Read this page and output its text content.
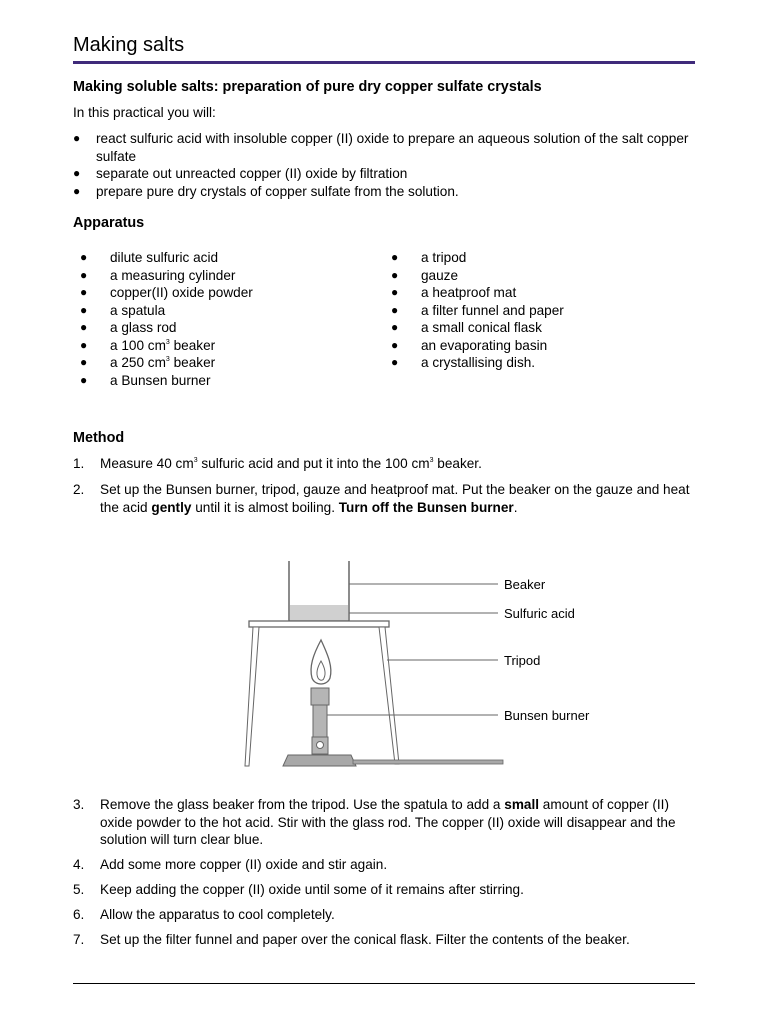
Making salts
Making soluble salts: preparation of pure dry copper sulfate crystals
In this practical you will:
● react sulfuric acid with insoluble copper (II) oxide to prepare an aqueous solution of the salt copper sulfate
● separate out unreacted copper (II) oxide by filtration
● prepare pure dry crystals of copper sulfate from the solution.
Apparatus
● dilute sulfuric acid
● a measuring cylinder
● copper(II) oxide powder
● a spatula
● a glass rod
● a 100 $cm^3$ beaker
● a 250 $cm^3$ beaker
● a Bunsen burner
● a tripod
● gauze
● a heatproof mat
● a filter funnel and paper
● a small conical flask
● an evaporating basin
● a crystallising dish.
Method
1. Measure 40 $cm^3$ sulfuric acid and put it into the 100 $cm^3$ beaker.
2. Set up the Bunsen burner, tripod, gauze and heatproof mat. Put the beaker on the gauze and heat the acid gently until it is almost boiling. Turn off the Bunsen burner.
3. Remove the glass beaker from the tripod. Use the spatula to add a small amount of copper (II) oxide powder to the hot acid. Stir with the glass rod. The copper (II) oxide will disappear and the solution will turn clear blue.
4. Add some more copper (II) oxide and stir again.
5. Keep adding the copper (II) oxide until some of it remains after stirring.
6. Allow the apparatus to cool completely.
7. Set up the filter funnel and paper over the conical flask. Filter the contents of the beaker.
Beaker
Sulfuric acid
Tripod
Bunsen burner
